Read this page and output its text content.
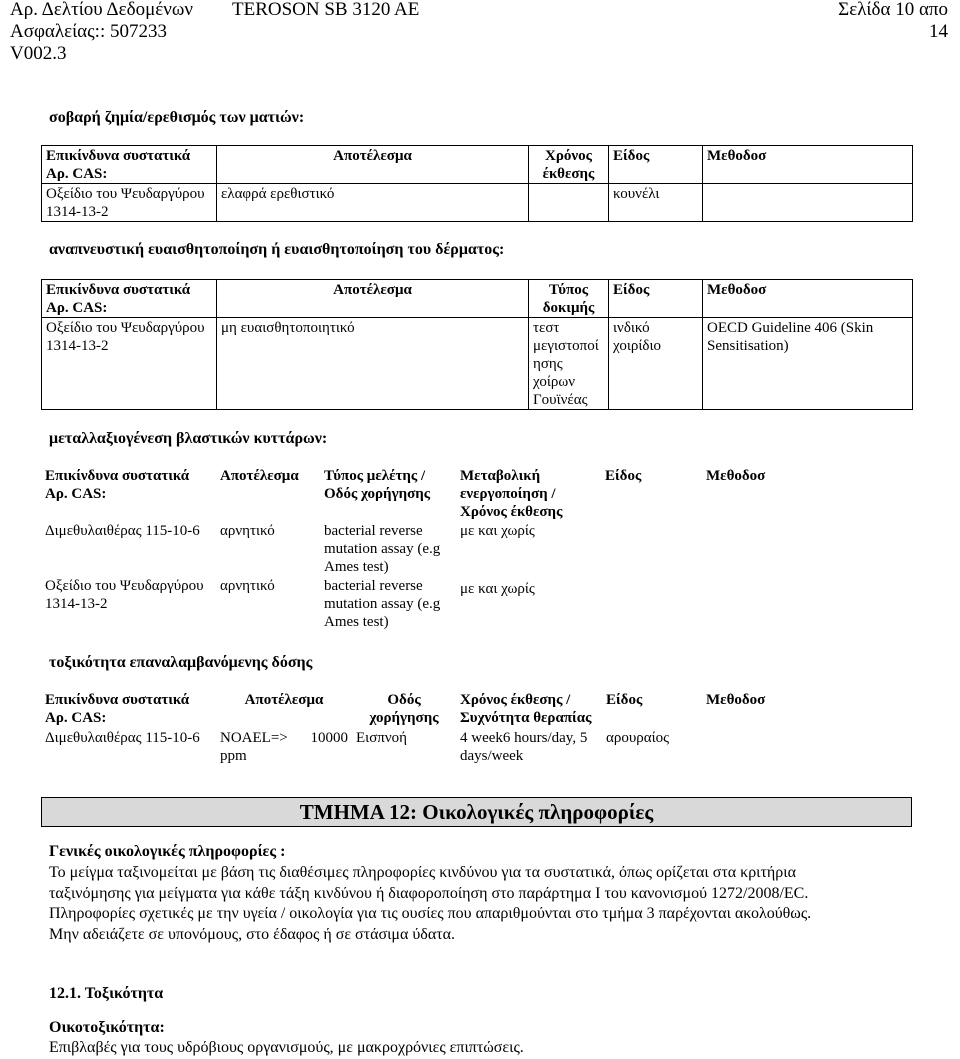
Αρ. Δελτίου Δεδομένων TEROSON SB 3120 AE	Σελίδα 10 απο
Ασφαλείας:: 507233	14
V002.3
σοβαρή ζημία/ερεθισμός των ματιών:
Επικίνδυνα συστατικά Αρ. CAS:	Αποτέλεσμα	Χρόνος έκθεσης	Είδος	Μεθοδοσ
Οξείδιο του Ψευδαργύρου 1314-13-2	ελαφρά ερεθιστικό		κουνέλι	
αναπνευστική ευαισθητοποίηση ή ευαισθητοποίηση του δέρματος:
Επικίνδυνα συστατικά Αρ. CAS:	Αποτέλεσμα	Τύπος δοκιμής	Είδος	Μεθοδοσ
Οξείδιο του Ψευδαργύρου 1314-13-2	μη ευαισθητοποιητικό	τεστ μεγιστοποί ησης χοίρων Γουϊνέας	ινδικό χοιρίδιο	OECD Guideline 406 (Skin Sensitisation)
μεταλλαξιογένεση βλαστικών κυττάρων:
Επικίνδυνα συστατικά Αρ. CAS:	Αποτέλεσμα	Τύπος μελέτης / Οδός χορήγησης	Μεταβολική ενεργοποίηση / Χρόνος έκθεσης	Είδος	Μεθοδοσ
Διμεθυλαιθέρας 115-10-6	αρνητικό	bacterial reverse mutation assay (e.g Ames test)	με και χωρίς		
Οξείδιο του Ψευδαργύρου 1314-13-2	αρνητικό	bacterial reverse mutation assay (e.g Ames test)	με και χωρίς		
τοξικότητα επαναλαμβανόμενης δόσης
Επικίνδυνα συστατικά Αρ. CAS:	Αποτέλεσμα	Οδός χορήγησης	Χρόνος έκθεσης / Συχνότητα θεραπίας	Είδος	Μεθοδοσ
Διμεθυλαιθέρας 115-10-6	NOAEL=> 10000 ppm	Εισπνοή	4 week6 hours/day, 5 days/week	αρουραίος	
ΤΜΗΜΑ 12: Οικολογικές πληροφορίες
Γενικές οικολογικές πληροφορίες :
Το μείγμα ταξινομείται με βάση τις διαθέσιμες πληροφορίες κινδύνου για τα συστατικά, όπως ορίζεται στα κριτήρια
ταξινόμησης για μείγματα για κάθε τάξη κινδύνου ή διαφοροποίηση στο παράρτημα Ι του κανονισμού 1272/2008/EC.
Πληροφορίες σχετικές με την υγεία / οικολογία για τις ουσίες που απαριθμούνται στο τμήμα 3 παρέχονται ακολούθως.
Μην αδειάζετε σε υπονόμους, στο έδαφος ή σε στάσιμα ύδατα.
12.1. Τοξικότητα
Οικοτοξικότητα:
Επιβλαβές για τους υδρόβιους οργανισμούς, με μακροχρόνιες επιπτώσεις.
